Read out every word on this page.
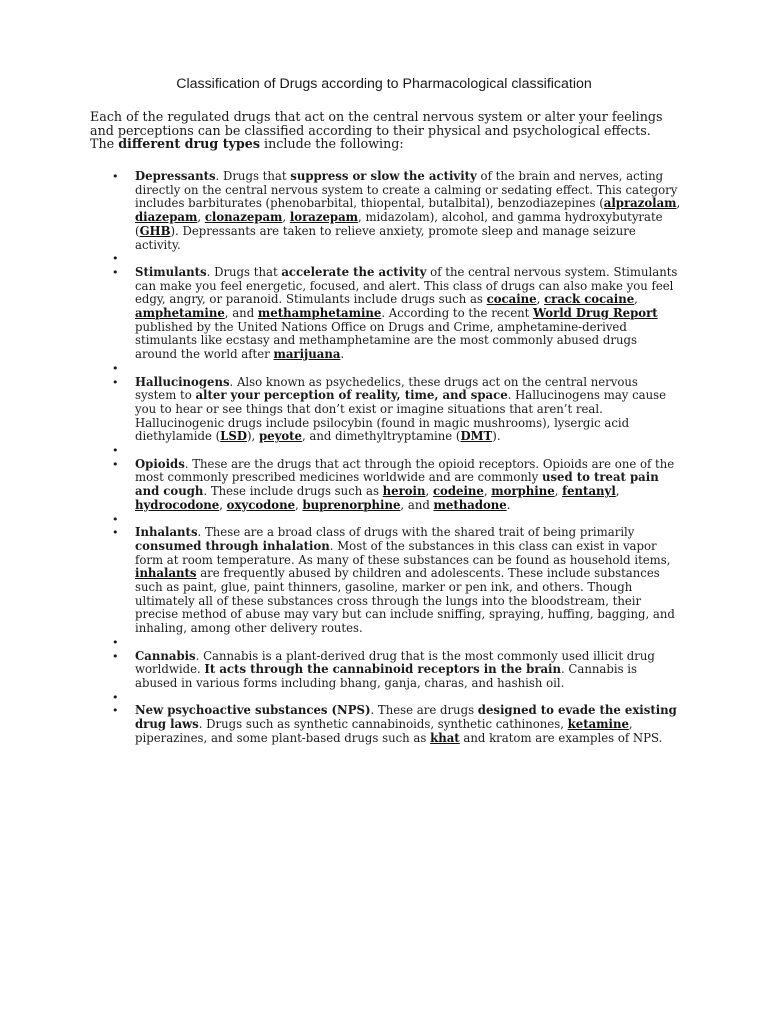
Classification of Drugs according to Pharmacological classification

Each of the regulated drugs that act on the central nervous system or alter your feelings and perceptions can be classified according to their physical and psychological effects.

The different drug types include the following:

• Depressants. Drugs that suppress or slow the activity of the brain and nerves, acting directly on the central nervous system to create a calming or sedating effect. This category includes barbiturates (phenobarbital, thiopental, butalbital), benzodiazepines (alprazolam, diazepam, clonazepam, lorazepam, midazolam), alcohol, and gamma hydroxybutyrate (GHB). Depressants are taken to relieve anxiety, promote sleep and manage seizure activity.
•
• Stimulants. Drugs that accelerate the activity of the central nervous system. Stimulants can make you feel energetic, focused, and alert. This class of drugs can also make you feel edgy, angry, or paranoid. Stimulants include drugs such as cocaine, crack cocaine, amphetamine, and methamphetamine. According to the recent World Drug Report published by the United Nations Office on Drugs and Crime, amphetamine-derived stimulants like ecstasy and methamphetamine are the most commonly abused drugs around the world after marijuana.
•
• Hallucinogens. Also known as psychedelics, these drugs act on the central nervous system to alter your perception of reality, time, and space. Hallucinogens may cause you to hear or see things that don’t exist or imagine situations that aren’t real. Hallucinogenic drugs include psilocybin (found in magic mushrooms), lysergic acid diethylamide (LSD), peyote, and dimethyltryptamine (DMT).
•
• Opioids. These are the drugs that act through the opioid receptors. Opioids are one of the most commonly prescribed medicines worldwide and are commonly used to treat pain and cough. These include drugs such as heroin, codeine, morphine, fentanyl, hydrocodone, oxycodone, buprenorphine, and methadone.
•
• Inhalants. These are a broad class of drugs with the shared trait of being primarily consumed through inhalation. Most of the substances in this class can exist in vapor form at room temperature. As many of these substances can be found as household items, inhalants are frequently abused by children and adolescents. These include substances such as paint, glue, paint thinners, gasoline, marker or pen ink, and others. Though ultimately all of these substances cross through the lungs into the bloodstream, their precise method of abuse may vary but can include sniffing, spraying, huffing, bagging, and inhaling, among other delivery routes.
•
• Cannabis. Cannabis is a plant-derived drug that is the most commonly used illicit drug worldwide. It acts through the cannabinoid receptors in the brain. Cannabis is abused in various forms including bhang, ganja, charas, and hashish oil.
•
• New psychoactive substances (NPS). These are drugs designed to evade the existing drug laws. Drugs such as synthetic cannabinoids, synthetic cathinones, ketamine, piperazines, and some plant-based drugs such as khat and kratom are examples of NPS.
